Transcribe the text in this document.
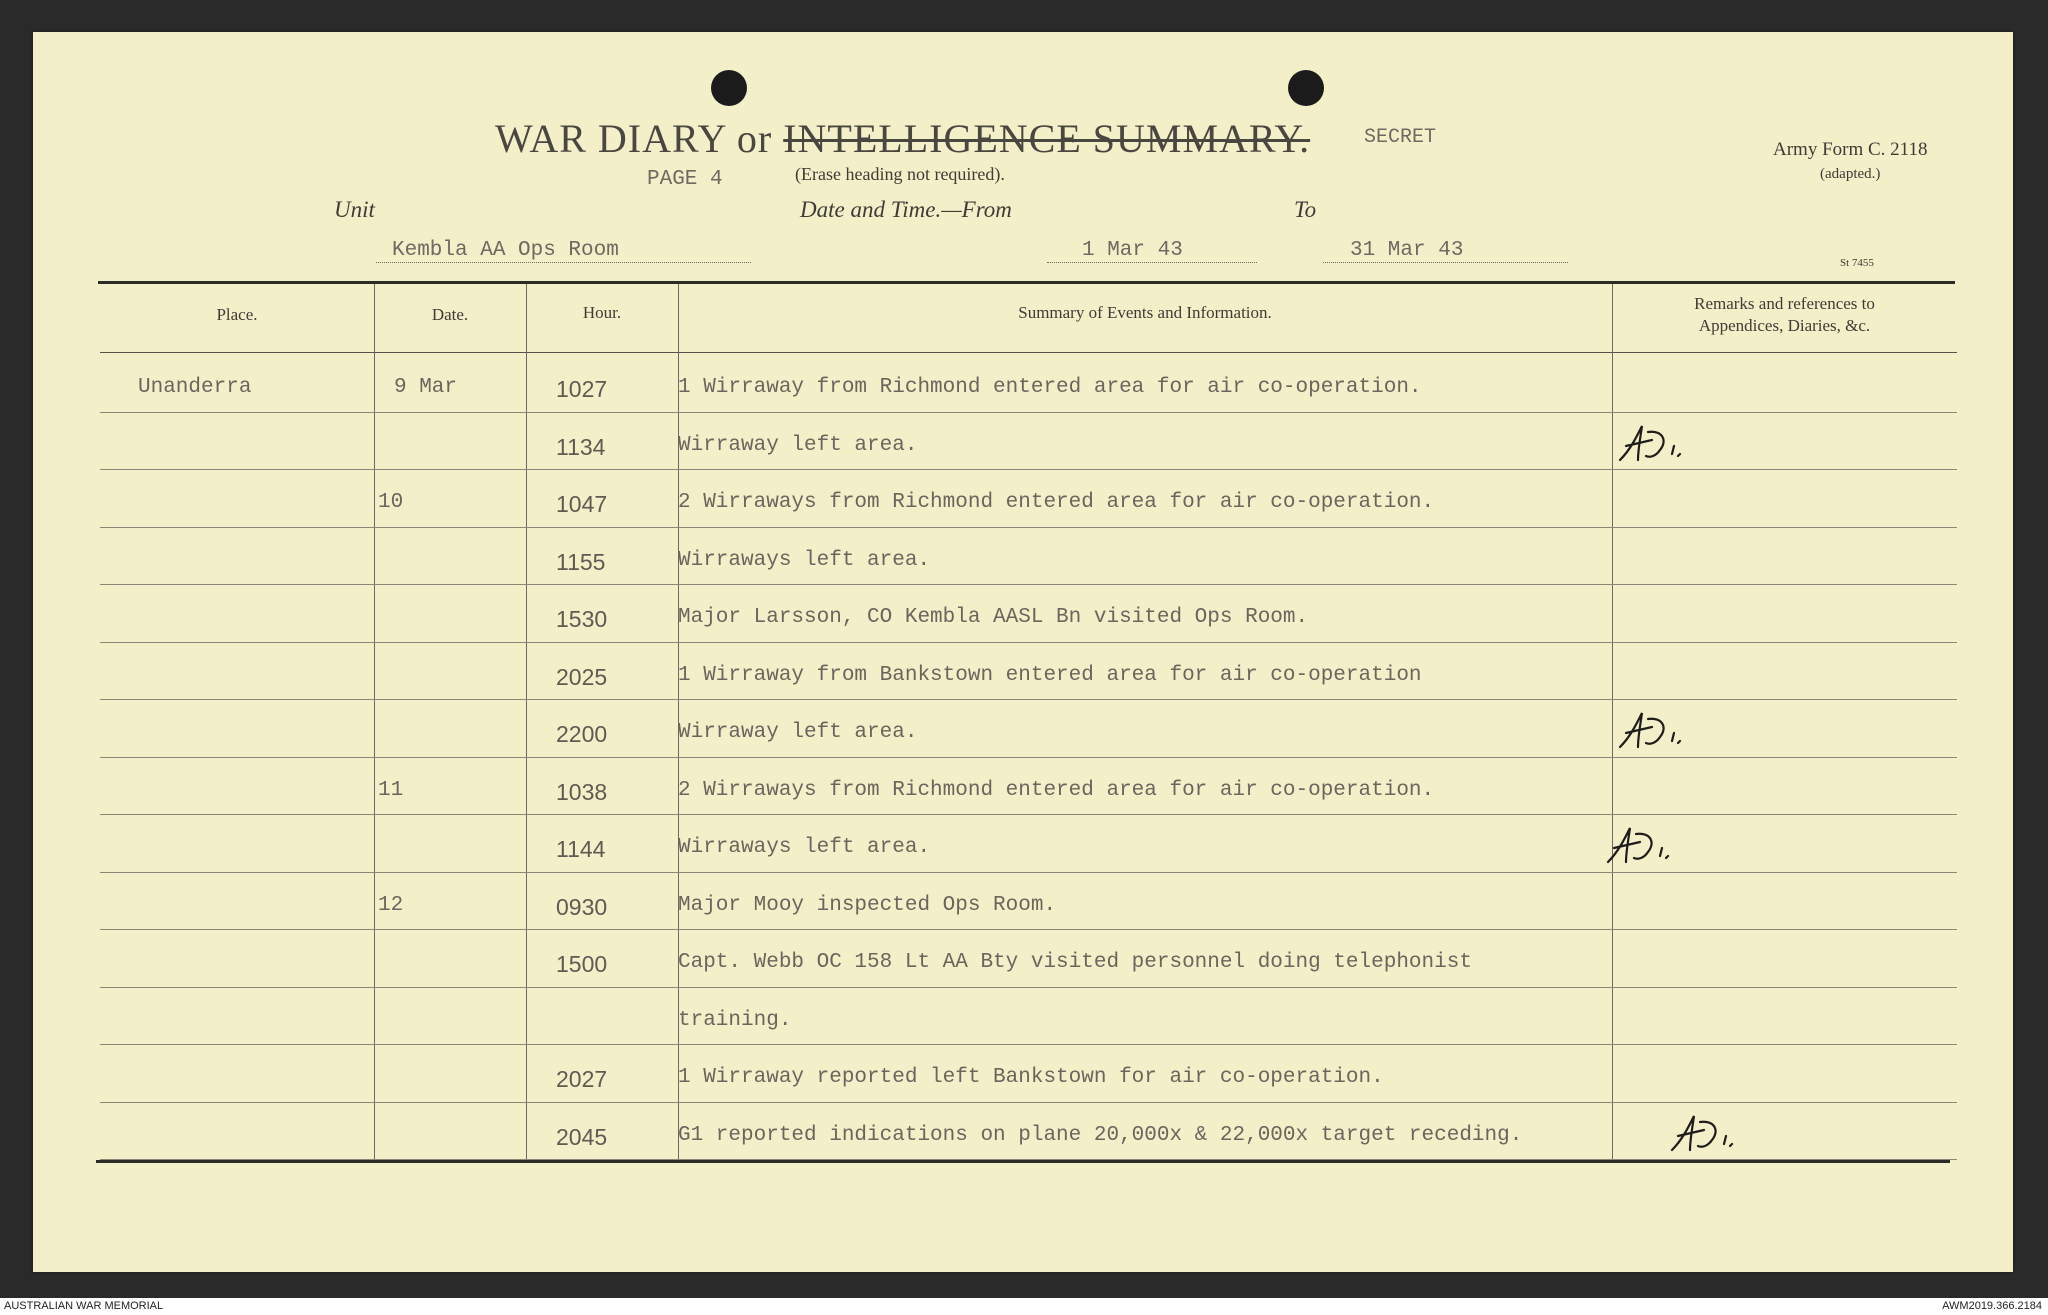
Army Form C. 2118
(adapted.)
St 7455
WAR DIARY or INTELLIGENCE SUMMARY.	SECRET
PAGE 4	(Erase heading not required).
Unit
Kembla AA Ops Room
Date and Time.—From
1 Mar 43
To
31 Mar 43
Place.	Date.	Hour.	Summary of Events and Information.	Remarks and references to
Appendices, Diaries, &c.
Unanderra	9 Mar	1027	1 Wirraway from Richmond entered area for air co-operation.
1134	Wirraway left area.
10	1047	2 Wirraways from Richmond entered area for air co-operation.
1155	Wirraways left area.
1530	Major Larsson, CO Kembla AASL Bn visited Ops Room.
2025	1 Wirraway from Bankstown entered area for air co-operation
2200	Wirraway left area.
11	1038	2 Wirraways from Richmond entered area for air co-operation.
1144	Wirraways left area.
12	0930	Major Mooy inspected Ops Room.
1500	Capt. Webb OC 158 Lt AA Bty visited personnel doing telephonist
training.
2027	1 Wirraway reported left Bankstown for air co-operation.
2045	G1 reported indications on plane 20,000x & 22,000x target receding.
AUSTRALIAN WAR MEMORIAL	AWM2019.366.2184
